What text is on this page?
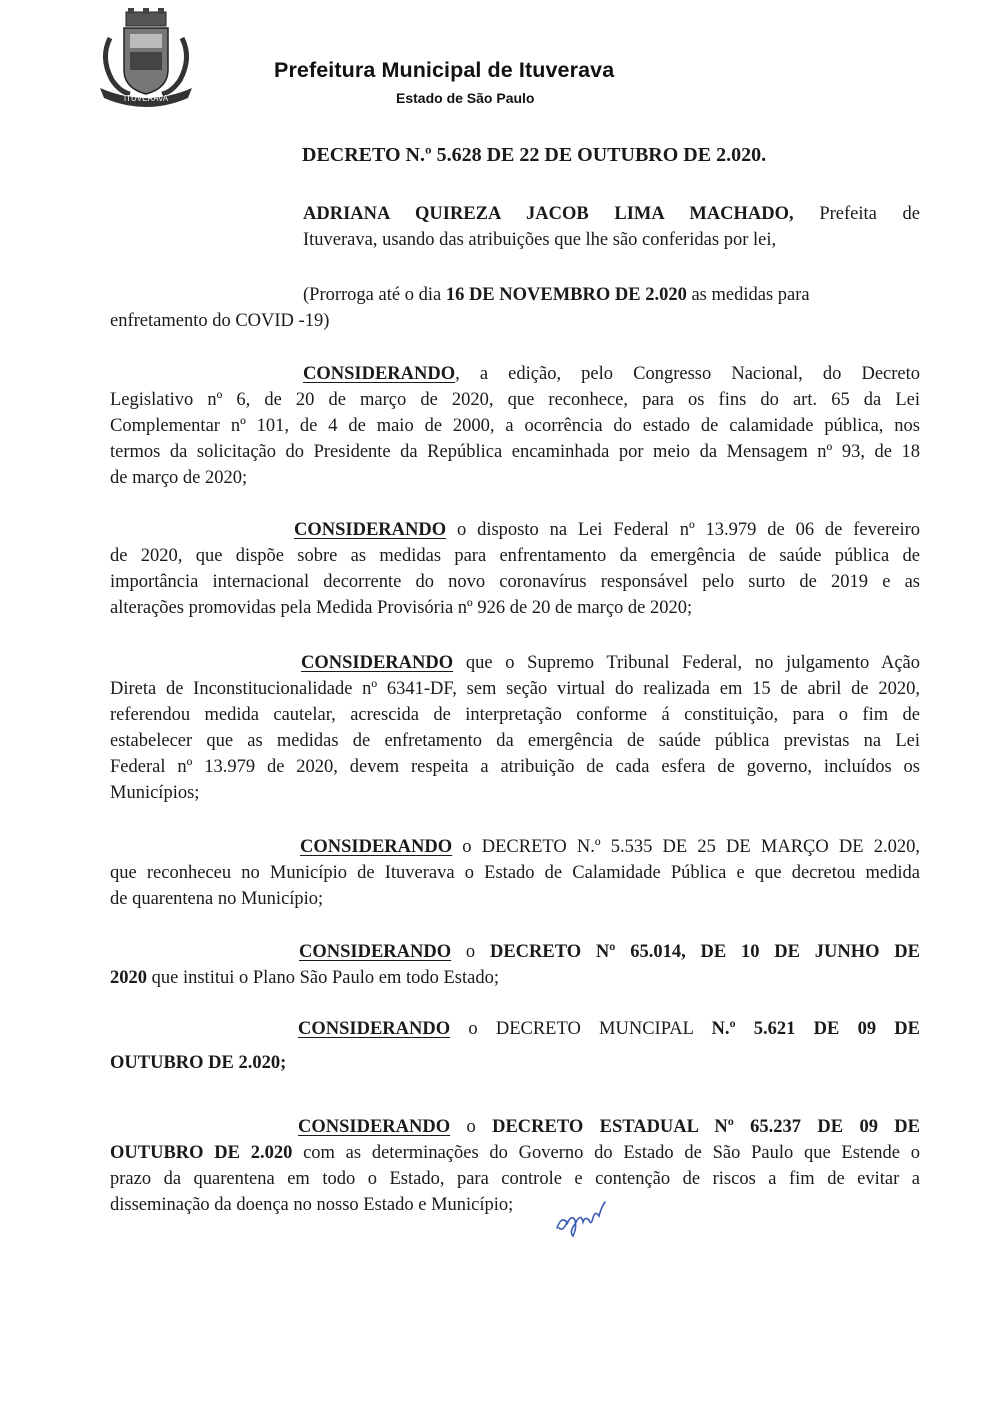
ITUVERAVA
Prefeitura Municipal de Ituverava
Estado de São Paulo
DECRETO N.º 5.628 DE 22 DE OUTUBRO DE 2.020.
ADRIANA QUIREZA JACOB LIMA MACHADO, Prefeita de
Ituverava, usando das atribuições que lhe são conferidas por lei,
(Prorroga até o dia 16 DE NOVEMBRO DE 2.020 as medidas para
enfretamento do COVID -19)
CONSIDERANDO, a edição, pelo Congresso Nacional, do Decreto
Legislativo nº 6, de 20 de março de 2020, que reconhece, para os fins do art. 65 da Lei
Complementar nº 101, de 4 de maio de 2000, a ocorrência do estado de calamidade pública, nos
termos da solicitação do Presidente da República encaminhada por meio da Mensagem nº 93, de 18
de março de 2020;
CONSIDERANDO o disposto na Lei Federal nº 13.979 de 06 de fevereiro
de 2020, que dispõe sobre as medidas para enfrentamento da emergência de saúde pública de
importância internacional decorrente do novo coronavírus responsável pelo surto de 2019 e as
alterações promovidas pela Medida Provisória nº 926 de 20 de março de 2020;
CONSIDERANDO que o Supremo Tribunal Federal, no julgamento Ação
Direta de Inconstitucionalidade nº 6341-DF, sem seção virtual do realizada em 15 de abril de 2020,
referendou medida cautelar, acrescida de interpretação conforme á constituição, para o fim de
estabelecer que as medidas de enfretamento da emergência de saúde pública previstas na Lei
Federal nº 13.979 de 2020, devem respeita a atribuição de cada esfera de governo, incluídos os
Municípios;
CONSIDERANDO o DECRETO N.º 5.535 DE 25 DE MARÇO DE 2.020,
que reconheceu no Município de Ituverava o Estado de Calamidade Pública e que decretou medida
de quarentena no Município;
CONSIDERANDO o DECRETO Nº 65.014, DE 10 DE JUNHO DE
2020 que institui o Plano São Paulo em todo Estado;
CONSIDERANDO o DECRETO MUNCIPAL N.º 5.621 DE 09 DE
OUTUBRO DE 2.020;
CONSIDERANDO o DECRETO ESTADUAL Nº 65.237 DE 09 DE
OUTUBRO DE 2.020 com as determinações do Governo do Estado de São Paulo que Estende o
prazo da quarentena em todo o Estado, para controle e contenção de riscos a fim de evitar a
disseminação da doença no nosso Estado e Município;
